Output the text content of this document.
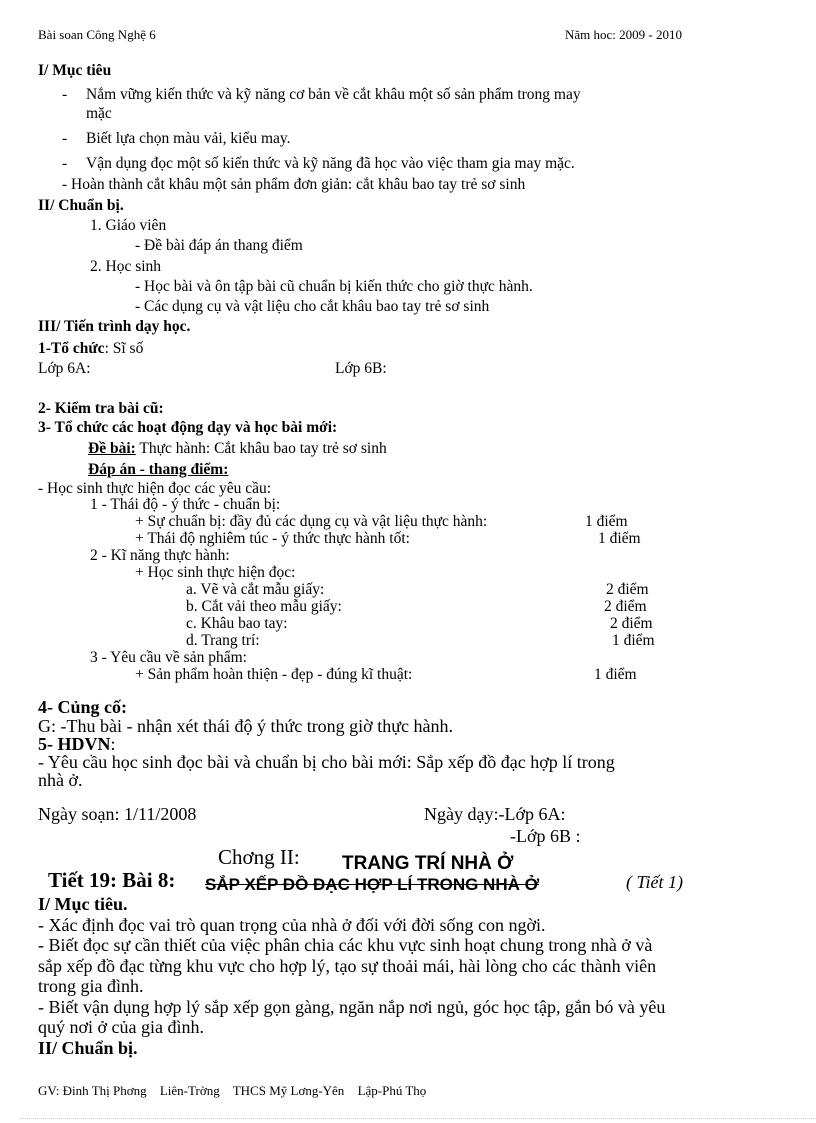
Bài soan Công Nghệ 6	Năm hoc: 2009 - 2010
I/ Mục tiêu
- Nắm vững kiến thức và kỹ năng cơ bản về cắt khâu một số sản phẩm trong may
mặc
- Biết lựa chọn màu vải, kiểu may.
- Vận dụng đọc một số kiến thức và kỹ năng đã học vào việc tham gia may mặc.
- Hoàn thành cắt khâu một sản phẩm đơn giản: cắt khâu bao tay trẻ sơ sinh
II/ Chuẩn bị.
1. Giáo viên
- Đề bài đáp án thang điểm
2. Học sinh
- Học bài và ôn tập bài cũ chuẩn bị kiến thức cho giờ thực hành.
- Các dụng cụ và vật liệu cho cắt khâu bao tay trẻ sơ sinh
III/ Tiến trình dạy học.
1-Tổ chức: Sĩ số
Lớp 6A:	Lớp 6B:
2- Kiểm tra bài cũ:
3- Tổ chức các hoạt động dạy và học bài mới:
Đề bài: Thực hành: Cắt khâu bao tay trẻ sơ sinh
Đáp án - thang điểm:
- Học sinh thực hiện đọc các yêu cầu:
1 - Thái độ - ý thức - chuẩn bị:
+ Sự chuẩn bị: đầy đủ các dụng cụ và vật liệu thực hành:	1 điểm
+ Thái độ nghiêm túc - ý thức thực hành tốt:	1 điểm
2 - Kĩ năng thực hành:
+ Học sinh thực hiện đọc:
a. Vẽ và cắt mẫu giấy:	2 điểm
b. Cắt vải theo mẫu giấy:	2 điểm
c. Khâu bao tay:	2 điểm
d. Trang trí:	1 điểm
3 - Yêu cầu về sản phẩm:
+ Sản phẩm hoàn thiện - đẹp - đúng kĩ thuật:	1 điểm
4- Củng cố:
G: -Thu bài - nhận xét thái độ ý thức trong giờ thực hành.
5- HDVN:
- Yêu cầu học sinh đọc bài và chuẩn bị cho bài mới: Sắp xếp đồ đạc hợp lí trong
nhà ở.
Ngày soạn: 1/11/2008	Ngày dạy:-Lớp 6A:
-Lớp 6B :
Chơng II: TRANG TRÍ NHÀ Ở
Tiết 19: Bài 8: SẮP XẾP ĐỒ ĐẠC HỢP LÍ TRONG NHÀ Ở	( Tiết 1)
I/ Mục tiêu.
- Xác định đọc vai trò quan trọng của nhà ở đối với đời sống con ngời.
- Biết đọc sự cần thiết của việc phân chia các khu vực sinh hoạt chung trong nhà ở và
sắp xếp đồ đạc từng khu vực cho hợp lý, tạo sự thoải mái, hài lòng cho các thành viên
trong gia đình.
- Biết vận dụng hợp lý sắp xếp gọn gàng, ngăn nắp nơi ngủ, góc học tập, gắn bó và yêu
quý nơi ở của gia đình.
II/ Chuẩn bị.
GV: Đinh Thị Phơng Liên-Trờng THCS Mỹ Lơng-Yên Lập-Phú Thọ
